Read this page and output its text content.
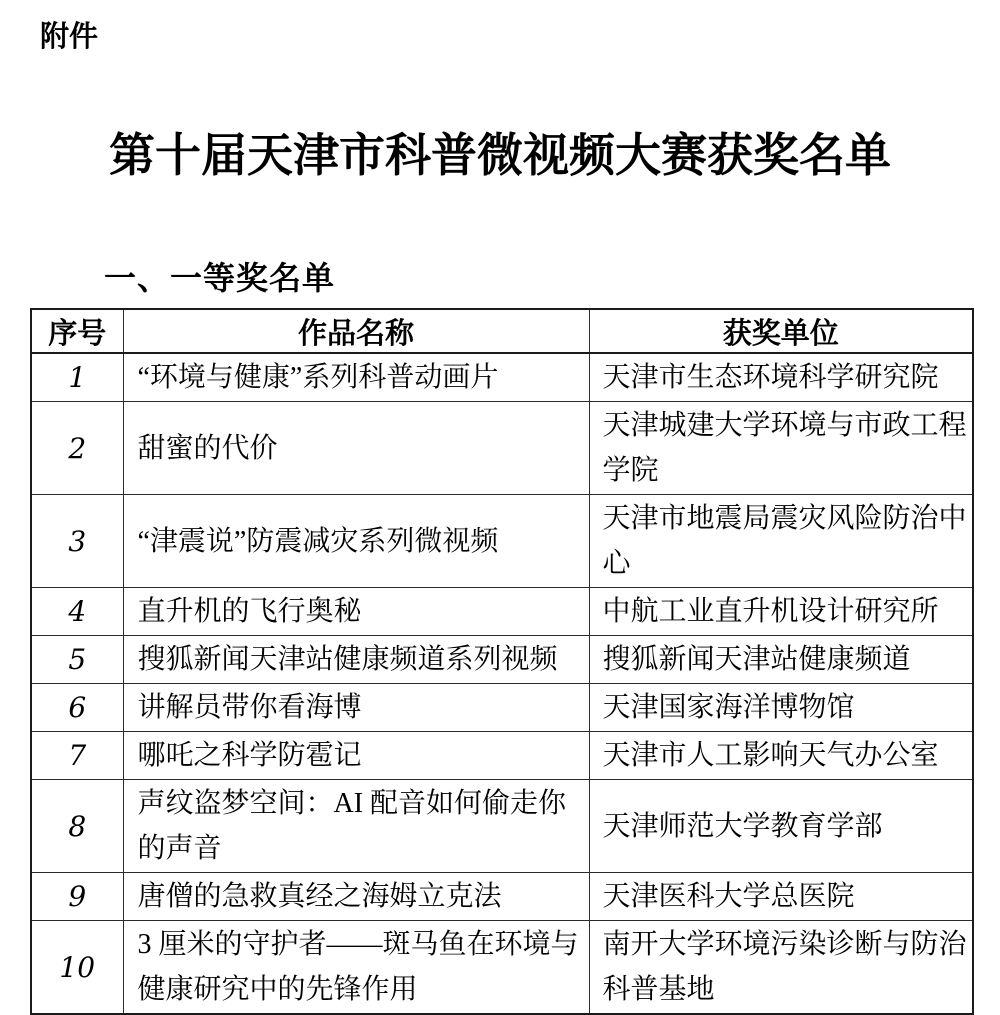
附件
第十届天津市科普微视频大赛获奖名单
一、一等奖名单
序号	作品名称	获奖单位
1	“环境与健康”系列科普动画片	天津市生态环境科学研究院
2	甜蜜的代价	天津城建大学环境与市政工程学院
3	“津震说”防震减灾系列微视频	天津市地震局震灾风险防治中心
4	直升机的飞行奥秘	中航工业直升机设计研究所
5	搜狐新闻天津站健康频道系列视频	搜狐新闻天津站健康频道
6	讲解员带你看海博	天津国家海洋博物馆
7	哪吒之科学防雹记	天津市人工影响天气办公室
8	声纹盗梦空间：AI 配音如何偷走你的声音	天津师范大学教育学部
9	唐僧的急救真经之海姆立克法	天津医科大学总医院
10	3 厘米的守护者——斑马鱼在环境与健康研究中的先锋作用	南开大学环境污染诊断与防治科普基地
